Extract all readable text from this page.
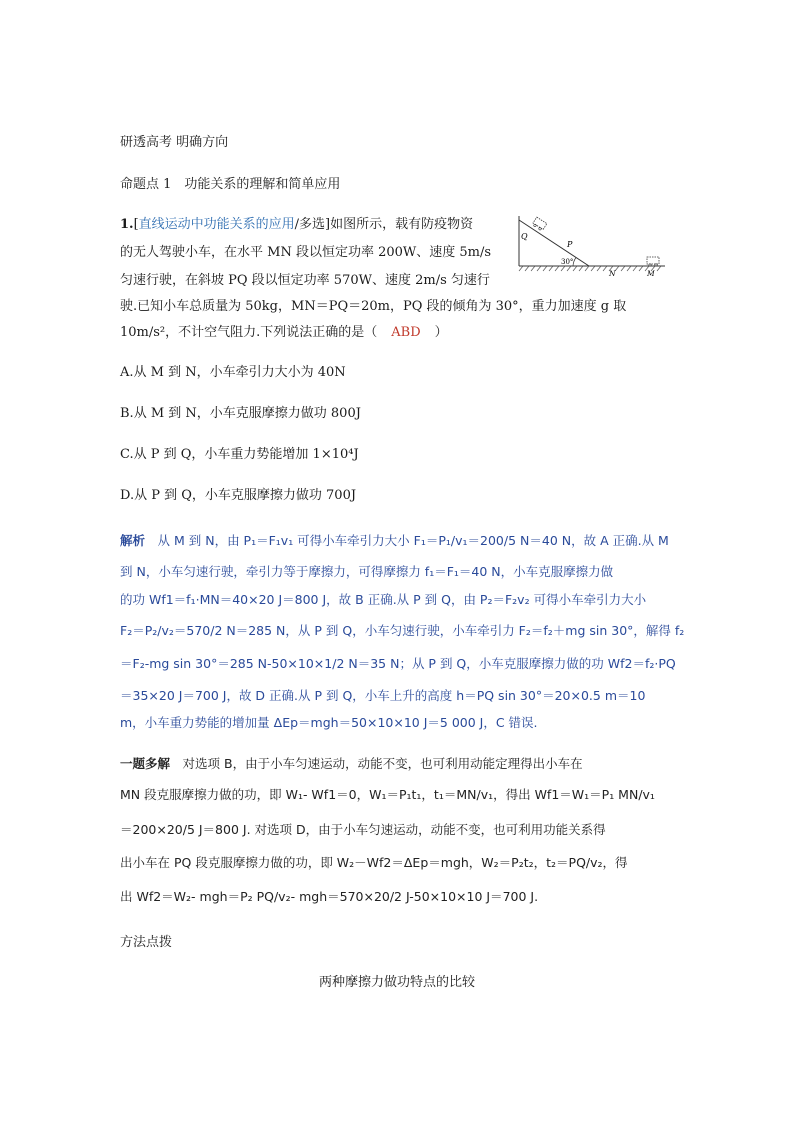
研透高考 明确方向
命题点 1　功能关系的理解和简单应用
1.[直线运动中功能关系的应用/多选]如图所示，载有防疫物资
的无人驾驶小车，在水平 MN 段以恒定功率 200W、速度 5m/s
匀速行驶，在斜坡 PQ 段以恒定功率 570W、速度 2m/s 匀速行
驶.已知小车总质量为 50kg，MN＝PQ＝20m，PQ 段的倾角为 30°，重力加速度 g 取
10m/s²，不计空气阻力.下列说法正确的是（ ABD ）
Q
P
30°
N	M
A.从 M 到 N，小车牵引力大小为 40N
B.从 M 到 N，小车克服摩擦力做功 800J
C.从 P 到 Q，小车重力势能增加 1×10⁴J
D.从 P 到 Q，小车克服摩擦力做功 700J
解析　从 M 到 N，由 P₁＝F₁v₁ 可得小车牵引力大小 F₁＝P₁/v₁＝200/5 N＝40 N，故 A 正确.从 M
到 N，小车匀速行驶，牵引力等于摩擦力，可得摩擦力 f₁＝F₁＝40 N，小车克服摩擦力做
的功 Wf1＝f₁·MN＝40×20 J＝800 J，故 B 正确.从 P 到 Q，由 P₂＝F₂v₂ 可得小车牵引力大小
F₂＝P₂/v₂＝570/2 N＝285 N，从 P 到 Q，小车匀速行驶，小车牵引力 F₂＝f₂＋mg sin 30°，解得 f₂
＝F₂-mg sin 30°＝285 N-50×10×1/2 N＝35 N；从 P 到 Q，小车克服摩擦力做的功 Wf2＝f₂·PQ
＝35×20 J＝700 J，故 D 正确.从 P 到 Q，小车上升的高度 h＝PQ sin 30°＝20×0.5 m＝10
m，小车重力势能的增加量 ΔEp＝mgh＝50×10×10 J＝5 000 J，C 错误.
一题多解　对选项 B，由于小车匀速运动，动能不变，也可利用动能定理得出小车在
MN 段克服摩擦力做的功，即 W₁- Wf1＝0，W₁＝P₁t₁，t₁＝MN/v₁，得出 Wf1＝W₁＝P₁ MN/v₁
＝200×20/5 J＝800 J. 对选项 D，由于小车匀速运动，动能不变，也可利用功能关系得
出小车在 PQ 段克服摩擦力做的功，即 W₂－Wf2＝ΔEp＝mgh，W₂＝P₂t₂，t₂＝PQ/v₂，得
出 Wf2＝W₂- mgh＝P₂ PQ/v₂- mgh＝570×20/2 J-50×10×10 J＝700 J.
方法点拨
两种摩擦力做功特点的比较
